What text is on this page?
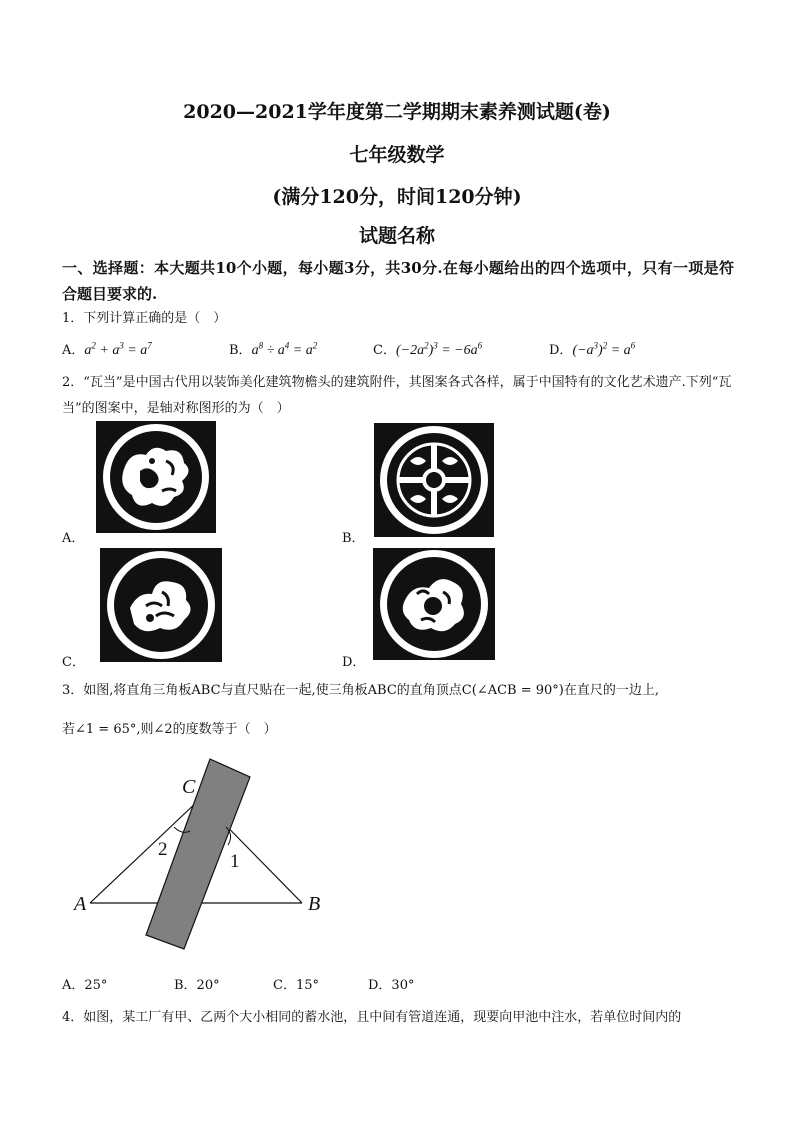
2020—2021学年度第二学期期末素养测试题(卷)
七年级数学
(满分120分，时间120分钟)
试题名称
一、选择题：本大题共10个小题，每小题3分，共30分.在每小题给出的四个选项中，只有一项是符合题目要求的.
1．下列计算正确的是（　）
A．$a^2 + a^3 = a^7$	B．$a^8 \div a^4 = a^2$	C．$(-2a^2)^3 = -6a^6$	D．$(-a^3)^2 = a^6$
2．“瓦当”是中国古代用以装饰美化建筑物檐头的建筑附件，其图案各式各样，属于中国特有的文化艺术遗产.下列“瓦当”的图案中，是轴对称图形的为（　）
A．	B．
C．	D．
3．如图,将直角三角板ABC与直尺贴在一起,使三角板ABC的直角顶点C(∠ACB = 90°)在直尺的一边上,
若∠1 = 65°,则∠2的度数等于（　）
C
A	B
2
1
A．25°	B．20°	C．15°	D．30°
4．如图，某工厂有甲、乙两个大小相同的蓄水池，且中间有管道连通，现要向甲池中注水，若单位时间内的
